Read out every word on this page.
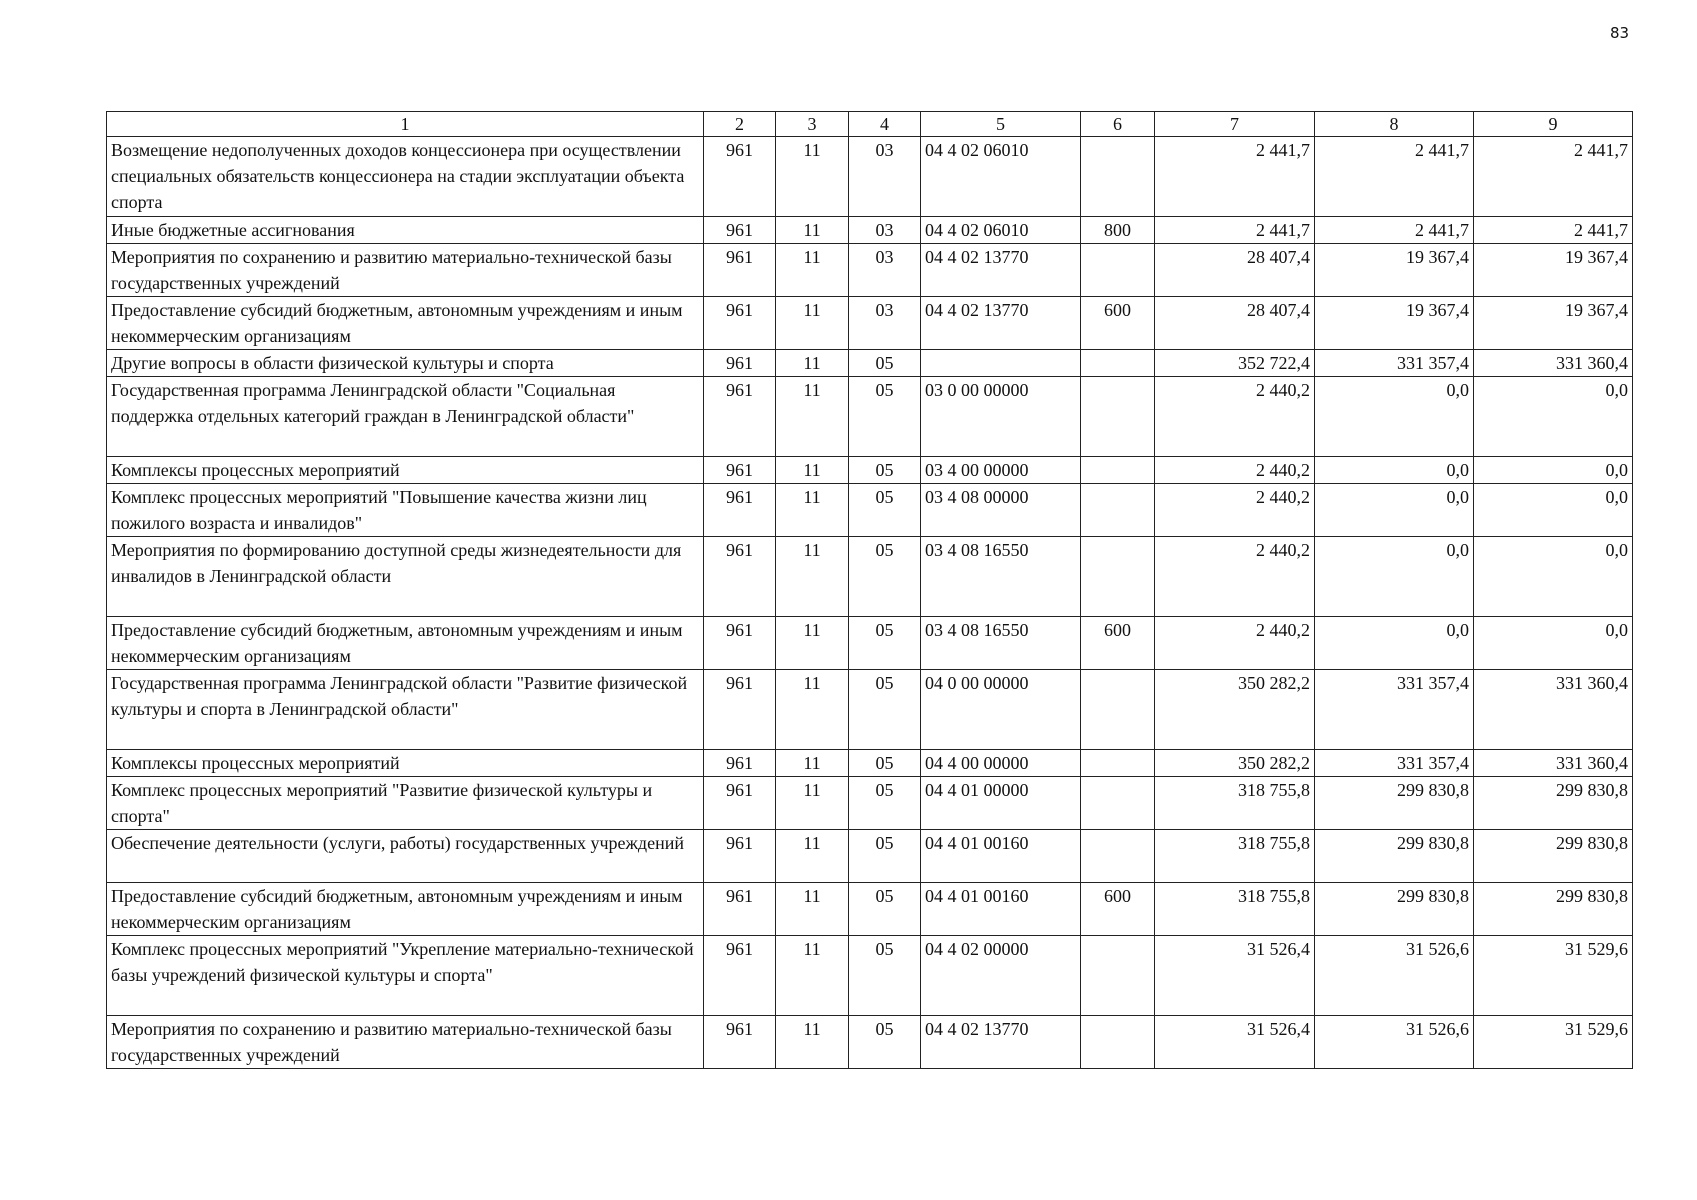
83
1	2	3	4	5	6	7	8	9
Возмещение недополученных доходов концессионера при осуществлении специальных обязательств концессионера на стадии эксплуатации объекта спорта	961	11	03	04 4 02 06010		2 441,7	2 441,7	2 441,7
Иные бюджетные ассигнования	961	11	03	04 4 02 06010	800	2 441,7	2 441,7	2 441,7
Мероприятия по сохранению и развитию материально-технической базы государственных учреждений	961	11	03	04 4 02 13770		28 407,4	19 367,4	19 367,4
Предоставление субсидий бюджетным, автономным учреждениям и иным некоммерческим организациям	961	11	03	04 4 02 13770	600	28 407,4	19 367,4	19 367,4
Другие вопросы в области физической культуры и спорта	961	11	05			352 722,4	331 357,4	331 360,4
Государственная программа Ленинградской области "Социальная поддержка отдельных категорий граждан в Ленинградской области"	961	11	05	03 0 00 00000		2 440,2	0,0	0,0
Комплексы процессных мероприятий	961	11	05	03 4 00 00000		2 440,2	0,0	0,0
Комплекс процессных мероприятий "Повышение качества жизни лиц пожилого возраста и инвалидов"	961	11	05	03 4 08 00000		2 440,2	0,0	0,0
Мероприятия по формированию доступной среды жизнедеятельности для инвалидов в Ленинградской области	961	11	05	03 4 08 16550		2 440,2	0,0	0,0
Предоставление субсидий бюджетным, автономным учреждениям и иным некоммерческим организациям	961	11	05	03 4 08 16550	600	2 440,2	0,0	0,0
Государственная программа Ленинградской области "Развитие физической культуры и спорта в Ленинградской области"	961	11	05	04 0 00 00000		350 282,2	331 357,4	331 360,4
Комплексы процессных мероприятий	961	11	05	04 4 00 00000		350 282,2	331 357,4	331 360,4
Комплекс процессных мероприятий "Развитие физической культуры и спорта"	961	11	05	04 4 01 00000		318 755,8	299 830,8	299 830,8
Обеспечение деятельности (услуги, работы) государственных учреждений	961	11	05	04 4 01 00160		318 755,8	299 830,8	299 830,8
Предоставление субсидий бюджетным, автономным учреждениям и иным некоммерческим организациям	961	11	05	04 4 01 00160	600	318 755,8	299 830,8	299 830,8
Комплекс процессных мероприятий "Укрепление материально-технической базы учреждений физической культуры и спорта"	961	11	05	04 4 02 00000		31 526,4	31 526,6	31 529,6
Мероприятия по сохранению и развитию материально-технической базы государственных учреждений	961	11	05	04 4 02 13770		31 526,4	31 526,6	31 529,6
